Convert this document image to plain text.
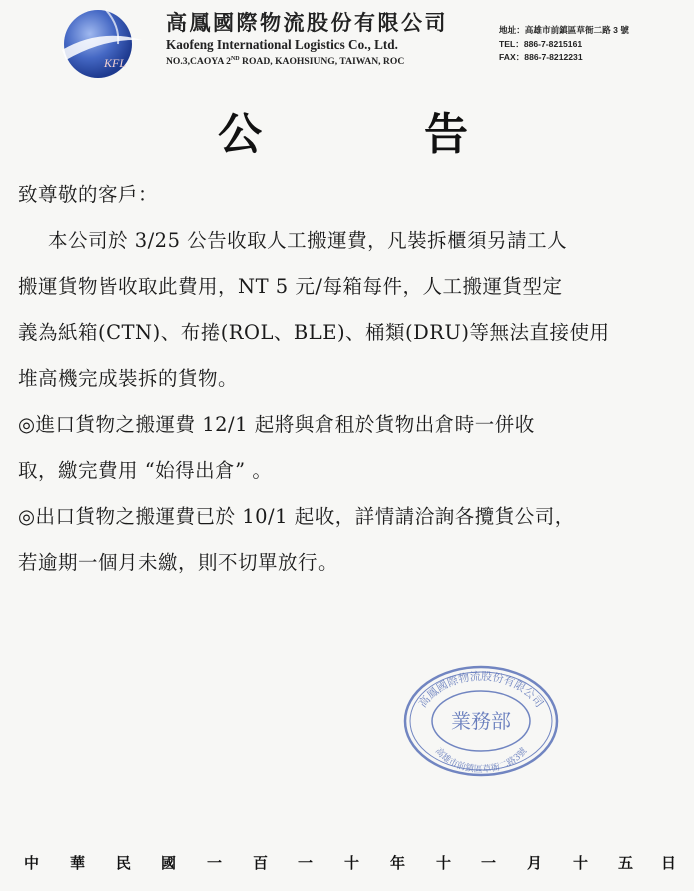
KFL

高鳳國際物流股份有限公司

Kaofeng International Logistics Co., Ltd.

NO.3,CAOYA 2ND ROAD, KAOHSIUNG, TAIWAN, ROC

地址：高雄市前鎮區草衙二路 3 號
TEL：886-7-8215161
FAX：886-7-8212231
公	告

致尊敬的客戶：

本公司於 3/25 公告收取人工搬運費，凡裝拆櫃須另請工人

搬運貨物皆收取此費用，NT 5 元/每箱每件，人工搬運貨型定

義為紙箱(CTN)、布捲(ROL、BLE)、桶類(DRU)等無法直接使用

堆高機完成裝拆的貨物。

◎進口貨物之搬運費 12/1 起將與倉租於貨物出倉時一併收

取，繳完費用 “始得出倉” 。

◎出口貨物之搬運費已於 10/1 起收，詳情請洽詢各攬貨公司，

若逾期一個月未繳，則不切單放行。

高鳳國際物流股份有限公司
高雄市前鎮區草衙二路3號
業務部
中 華 民 國 一 百 一 十 年 十 一 月 十 五 日
